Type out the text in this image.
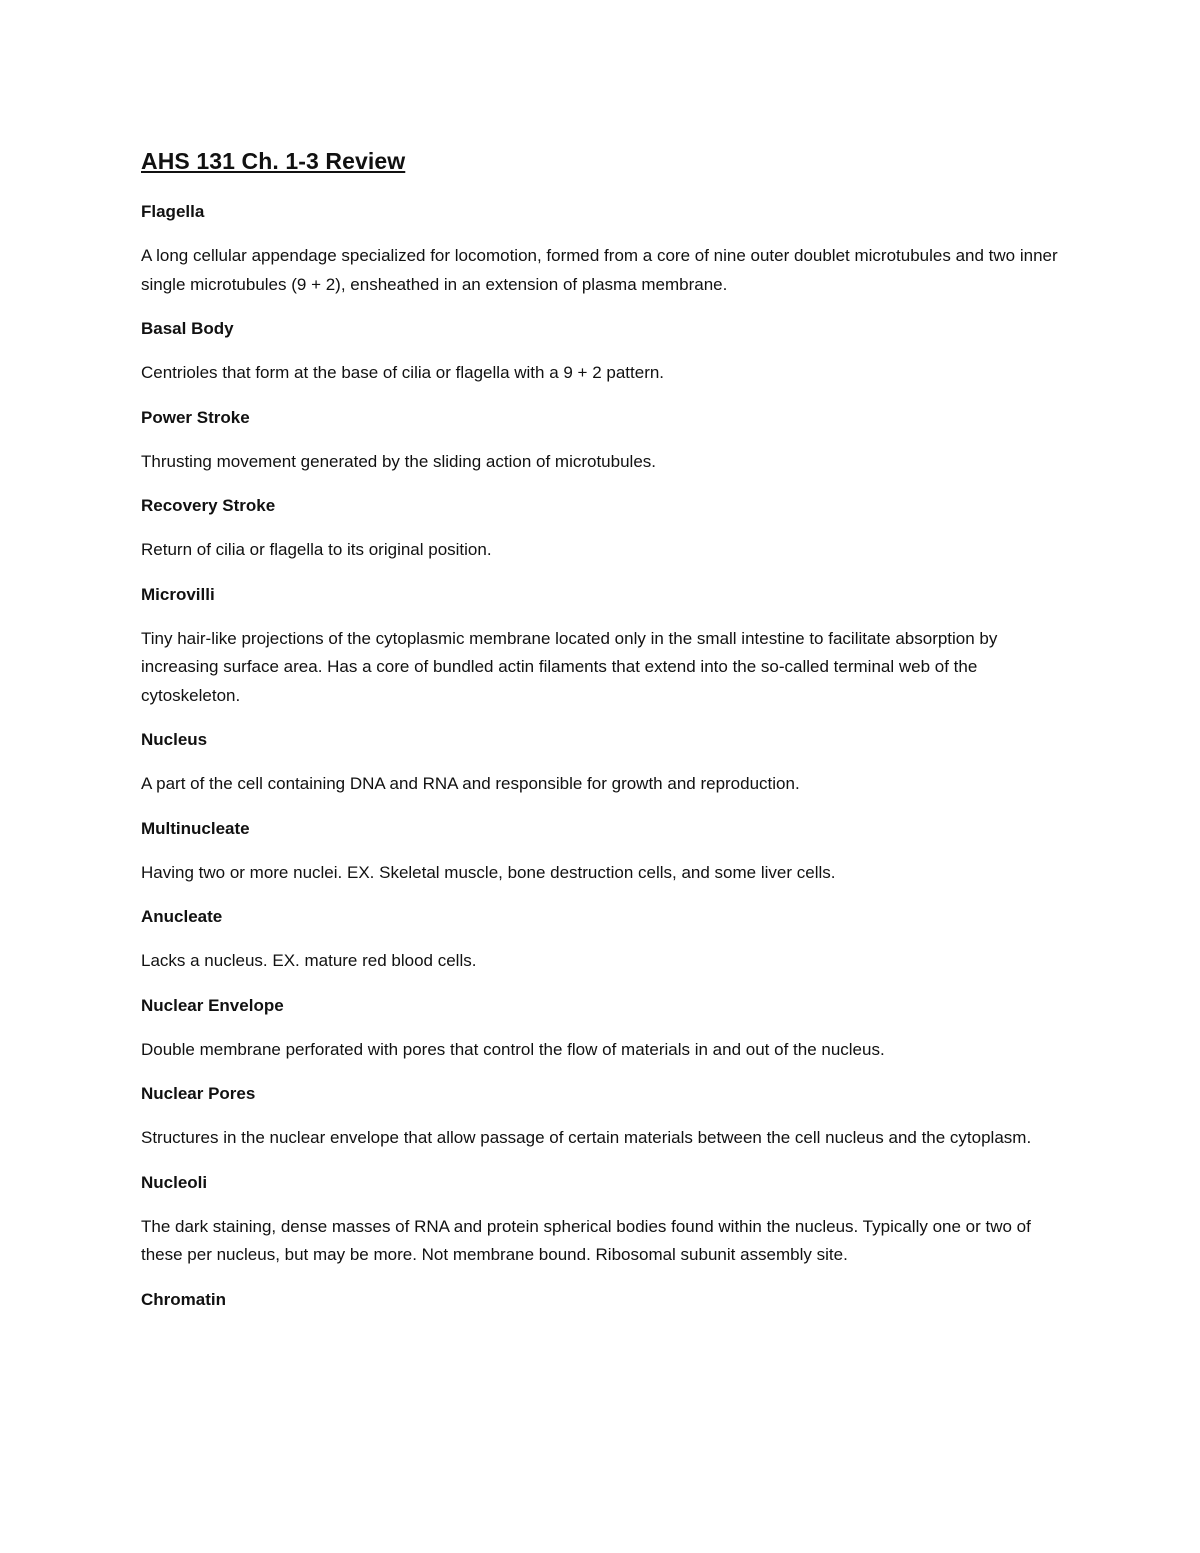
AHS 131 Ch. 1-3 Review

Flagella

A long cellular appendage specialized for locomotion, formed from a core of nine outer doublet microtubules and two inner single microtubules (9 + 2), ensheathed in an extension of plasma membrane.

Basal Body

Centrioles that form at the base of cilia or flagella with a 9 + 2 pattern.

Power Stroke

Thrusting movement generated by the sliding action of microtubules.

Recovery Stroke

Return of cilia or flagella to its original position.

Microvilli

Tiny hair-like projections of the cytoplasmic membrane located only in the small intestine to facilitate absorption by increasing surface area. Has a core of bundled actin filaments that extend into the so-called terminal web of the cytoskeleton.

Nucleus

A part of the cell containing DNA and RNA and responsible for growth and reproduction.

Multinucleate

Having two or more nuclei. EX. Skeletal muscle, bone destruction cells, and some liver cells.

Anucleate

Lacks a nucleus. EX. mature red blood cells.

Nuclear Envelope

Double membrane perforated with pores that control the flow of materials in and out of the nucleus.

Nuclear Pores

Structures in the nuclear envelope that allow passage of certain materials between the cell nucleus and the cytoplasm.

Nucleoli

The dark staining, dense masses of RNA and protein spherical bodies found within the nucleus. Typically one or two of these per nucleus, but may be more. Not membrane bound. Ribosomal subunit assembly site.

Chromatin
